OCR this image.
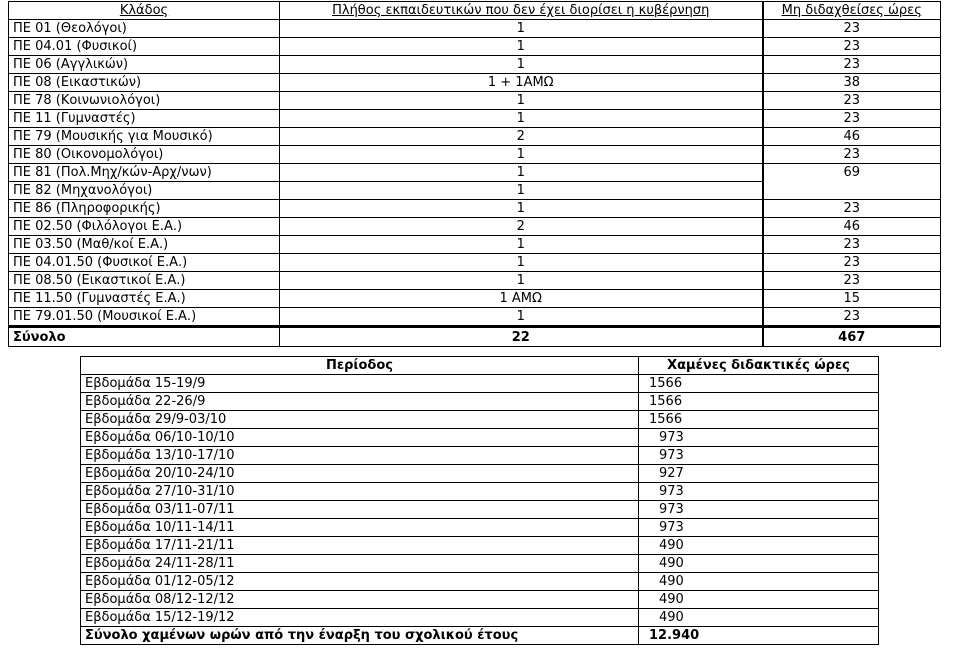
Κλάδος	Πλήθος εκπαιδευτικών που δεν έχει διορίσει η κυβέρνηση	Μη διδαχθείσες ώρες
ΠΕ 01 (Θεολόγοι)	1	23
ΠΕ 04.01 (Φυσικοί)	1	23
ΠΕ 06 (Αγγλικών)	1	23
ΠΕ 08 (Εικαστικών)	1 + 1ΑΜΩ	38
ΠΕ 78 (Κοινωνιολόγοι)	1	23
ΠΕ 11 (Γυμναστές)	1	23
ΠΕ 79 (Μουσικής για Μουσικό)	2	46
ΠΕ 80 (Οικονομολόγοι)	1	23
ΠΕ 81 (Πολ.Μηχ/κών-Αρχ/νων)	1	69
ΠΕ 82 (Μηχανολόγοι)	1	
ΠΕ 86 (Πληροφορικής)	1	23
ΠΕ 02.50 (Φιλόλογοι Ε.Α.)	2	46
ΠΕ 03.50 (Μαθ/κοί Ε.Α.)	1	23
ΠΕ 04.01.50 (Φυσικοί Ε.Α.)	1	23
ΠΕ 08.50 (Εικαστικοί Ε.Α.)	1	23
ΠΕ 11.50 (Γυμναστές Ε.Α.)	1 ΑΜΩ	15
ΠΕ 79.01.50 (Μουσικοί Ε.Α.)	1	23
Σύνολο	22	467
Περίοδος	Χαμένες διδακτικές ώρες
Εβδομάδα 15-19/9	1566
Εβδομάδα 22-26/9	1566
Εβδομάδα 29/9-03/10	1566
Εβδομάδα 06/10-10/10	973
Εβδομάδα 13/10-17/10	973
Εβδομάδα 20/10-24/10	927
Εβδομάδα 27/10-31/10	973
Εβδομάδα 03/11-07/11	973
Εβδομάδα 10/11-14/11	973
Εβδομάδα 17/11-21/11	490
Εβδομάδα 24/11-28/11	490
Εβδομάδα 01/12-05/12	490
Εβδομάδα 08/12-12/12	490
Εβδομάδα 15/12-19/12	490
Σύνολο χαμένων ωρών από την έναρξη του σχολικού έτους	12.940
